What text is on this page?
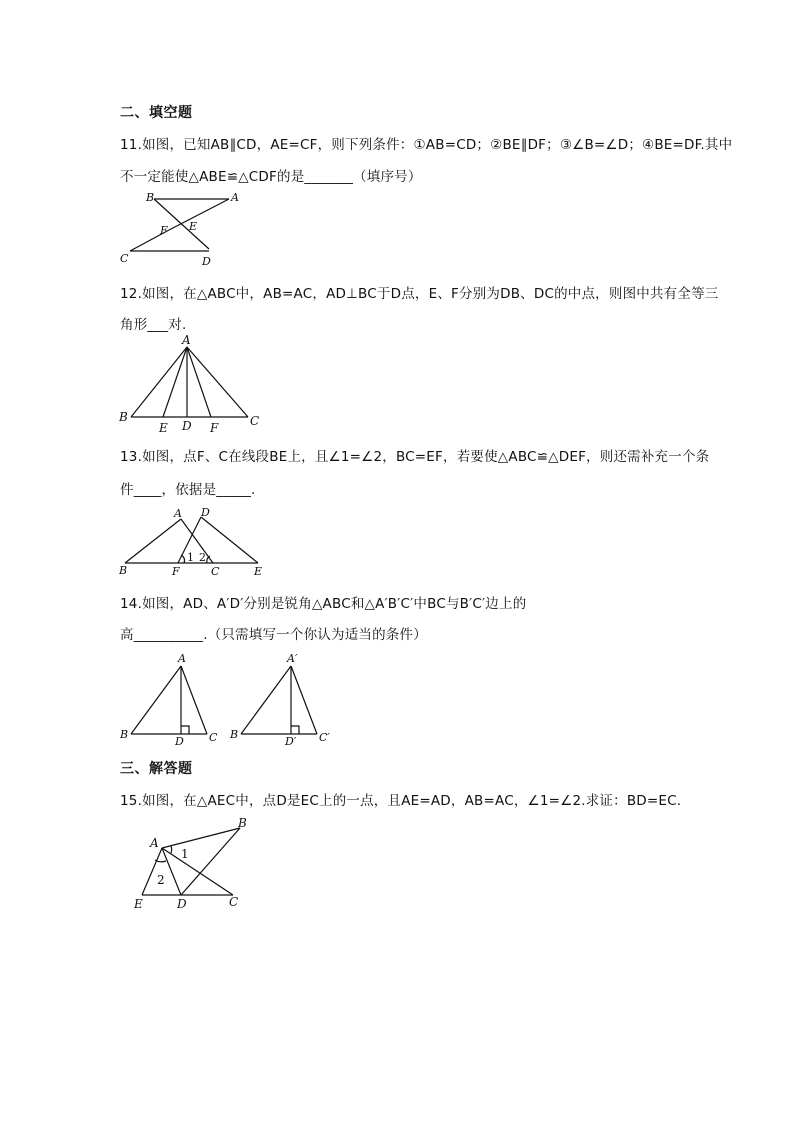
二、填空题
11.如图，已知AB∥CD，AE=CF，则下列条件：①AB=CD；②BE∥DF；③∠B=∠D；④BE=DF.其中
不一定能使△ABE≌△CDF的是_______（填序号）
B	A
F E
C	D
12.如图，在△ABC中，AB=AC，AD⊥BC于D点，E、F分别为DB、DC的中点，则图中共有全等三
角形___对.
A
B	C
E D F
13.如图，点F、C在线段BE上，且∠1=∠2，BC=EF，若要使△ABC≌△DEF，则还需补充一个条
件____，依据是_____.
A D
1 2
B	F	C	E
14.如图，AD、A′D′分别是锐角△ABC和△A′B′C′中BC与B′C′边上的
高__________.（只需填写一个你认为适当的条件）
A
B
D C
A′
B
D′ C′
三、解答题
15.如图，在△AEC中，点D是EC上的一点，且AE=AD，AB=AC，∠1=∠2.求证：BD=EC.
A
B
1
2
E	D	C
